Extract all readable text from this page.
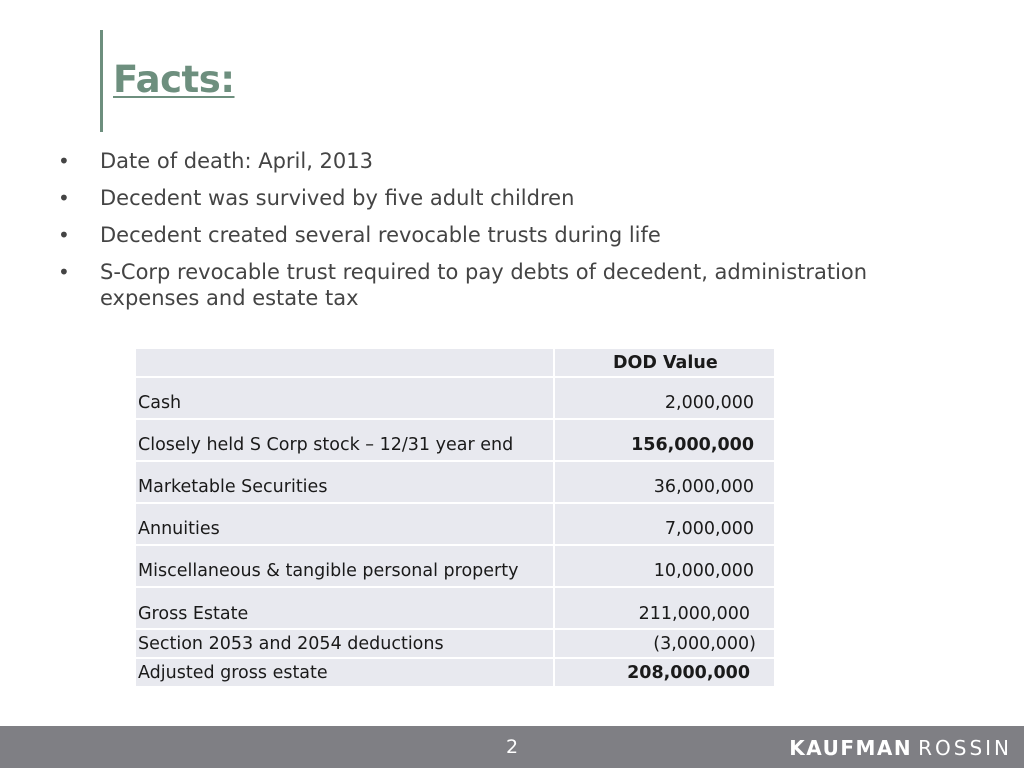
Facts:
•	Date of death: April, 2013
•	Decedent was survived by five adult children
•	Decedent created several revocable trusts during life
•	S-Corp revocable trust required to pay debts of decedent, administration expenses and estate tax
	DOD Value
Cash	2,000,000
Closely held S Corp stock – 12/31 year end	156,000,000
Marketable Securities	36,000,000
Annuities	7,000,000
Miscellaneous & tangible personal property	10,000,000
Gross Estate	211,000,000
Section 2053 and 2054 deductions	(3,000,000)
Adjusted gross estate	208,000,000
2	KAUFMAN ROSSIN
